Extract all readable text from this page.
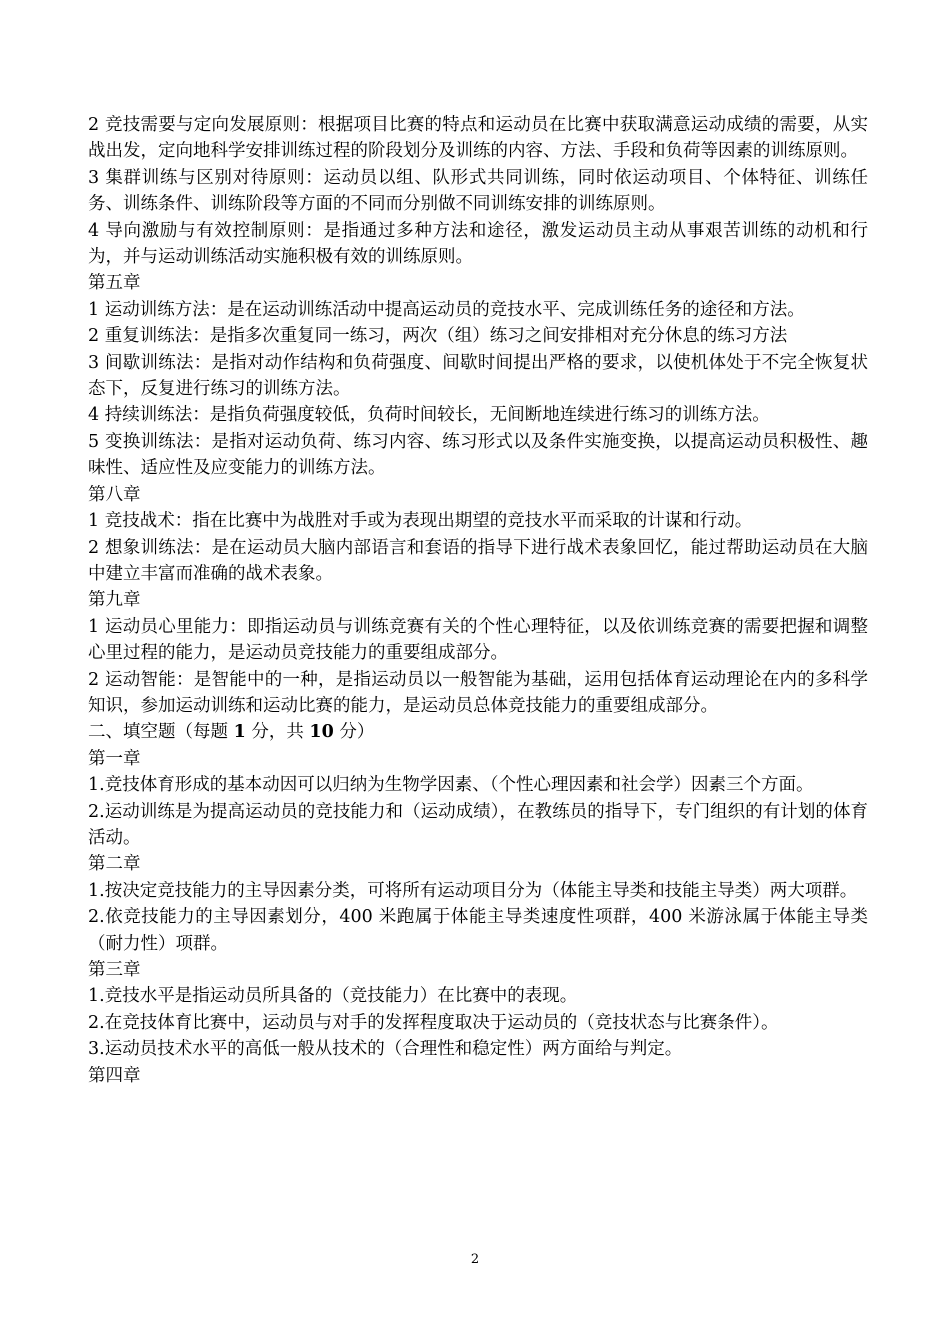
2 竞技需要与定向发展原则：根据项目比赛的特点和运动员在比赛中获取满意运动成绩的需要，从实战出发，定向地科学安排训练过程的阶段划分及训练的内容、方法、手段和负荷等因素的训练原则。

3 集群训练与区别对待原则：运动员以组、队形式共同训练，同时依运动项目、个体特征、训练任务、训练条件、训练阶段等方面的不同而分别做不同训练安排的训练原则。

4 导向激励与有效控制原则：是指通过多种方法和途径，激发运动员主动从事艰苦训练的动机和行为，并与运动训练活动实施积极有效的训练原则。

第五章

1 运动训练方法：是在运动训练活动中提高运动员的竞技水平、完成训练任务的途径和方法。

2 重复训练法：是指多次重复同一练习，两次（组）练习之间安排相对充分休息的练习方法

3 间歇训练法：是指对动作结构和负荷强度、间歇时间提出严格的要求，以使机体处于不完全恢复状态下，反复进行练习的训练方法。

4 持续训练法：是指负荷强度较低，负荷时间较长，无间断地连续进行练习的训练方法。

5 变换训练法：是指对运动负荷、练习内容、练习形式以及条件实施变换，以提高运动员积极性、趣味性、适应性及应变能力的训练方法。

第八章

1 竞技战术：指在比赛中为战胜对手或为表现出期望的竞技水平而采取的计谋和行动。

2 想象训练法：是在运动员大脑内部语言和套语的指导下进行战术表象回忆，能过帮助运动员在大脑中建立丰富而准确的战术表象。

第九章

1 运动员心里能力：即指运动员与训练竞赛有关的个性心理特征，以及依训练竞赛的需要把握和调整心里过程的能力，是运动员竞技能力的重要组成部分。

2 运动智能：是智能中的一种，是指运动员以一般智能为基础，运用包括体育运动理论在内的多科学知识，参加运动训练和运动比赛的能力，是运动员总体竞技能力的重要组成部分。

二、填空题（每题 1 分，共 10 分）

第一章

1.竞技体育形成的基本动因可以归纳为生物学因素、（个性心理因素和社会学）因素三个方面。

2.运动训练是为提高运动员的竞技能力和（运动成绩），在教练员的指导下，专门组织的有计划的体育活动。

第二章

1.按决定竞技能力的主导因素分类，可将所有运动项目分为（体能主导类和技能主导类）两大项群。

2.依竞技能力的主导因素划分，400 米跑属于体能主导类速度性项群，400 米游泳属于体能主导类（耐力性）项群。

第三章

1.竞技水平是指运动员所具备的（竞技能力）在比赛中的表现。

2.在竞技体育比赛中，运动员与对手的发挥程度取决于运动员的（竞技状态与比赛条件）。

3.运动员技术水平的高低一般从技术的（合理性和稳定性）两方面给与判定。

第四章

2
